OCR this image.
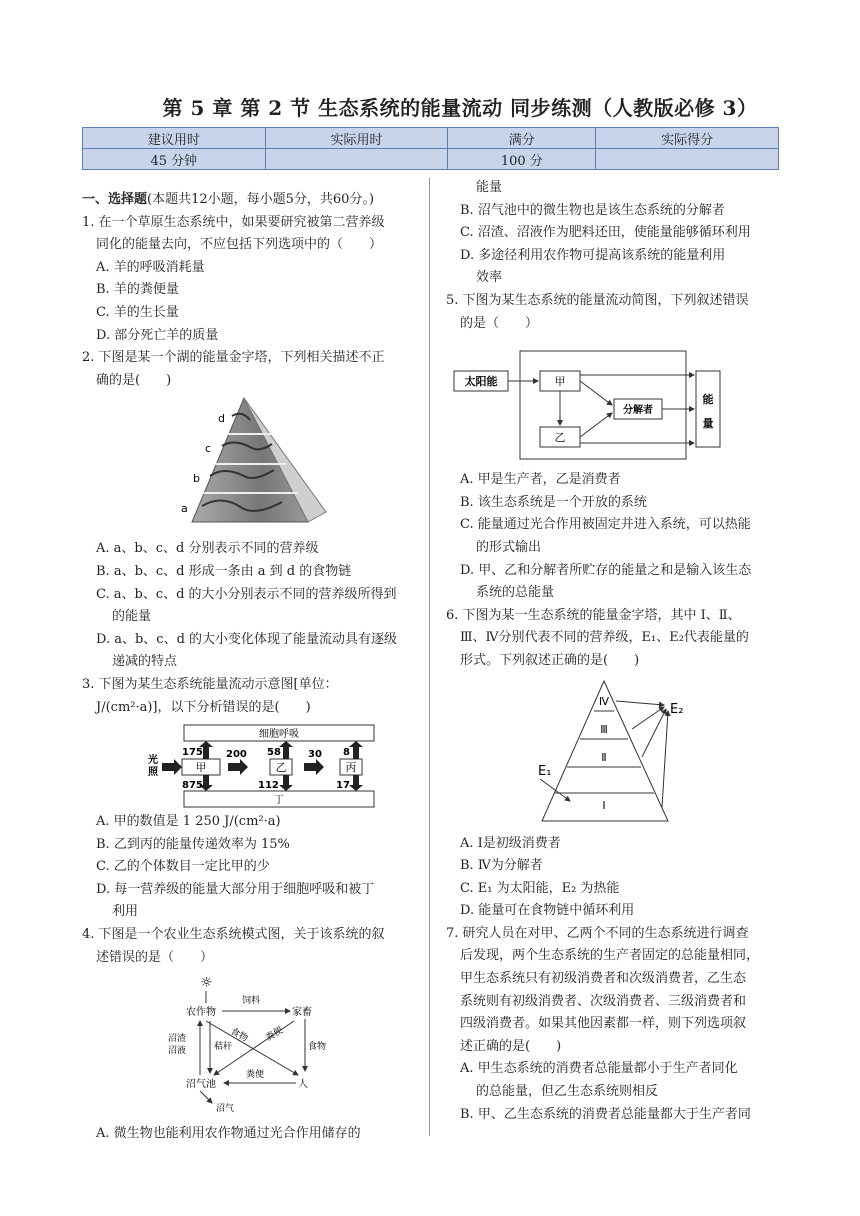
第 5 章 第 2 节 生态系统的能量流动 同步练测（人教版必修 3）
建议用时	实际用时	满分	实际得分
45 分钟		100 分	
一、选择题(本题共12小题，每小题5分，共60分。)
1. 在一个草原生态系统中，如果要研究被第二营养级
同化的能量去向，不应包括下列选项中的（　　）
A. 羊的呼吸消耗量
B. 羊的粪便量
C. 羊的生长量
D. 部分死亡羊的质量
2. 下图是某一个湖的能量金字塔，下列相关描述不正
确的是(　　)
d
c
b
a
A. a、b、c、d 分别表示不同的营养级
B. a、b、c、d 形成一条由 a 到 d 的食物链
C. a、b、c、d 的大小分别表示不同的营养级所得到
的能量
D. a、b、c、d 的大小变化体现了能量流动具有逐级
递减的特点
3. 下图为某生态系统能量流动示意图[单位：
J/(cm²·a)]，以下分析错误的是(　　)
细胞呼吸
丁
光
照	甲	乙	丙
175 200 58	30 8
875	112	17
A. 甲的数值是 1 250 J/(cm²·a)
B. 乙到丙的能量传递效率为 15%
C. 乙的个体数目一定比甲的少
D. 每一营养级的能量大部分用于细胞呼吸和被丁
利用
4. 下图是一个农业生态系统模式图，关于该系统的叙
述错误的是（　　）
☼
农作物	家畜
饲料
食物
食物 粪便
沼渣
沼液	秸秆
粪便
沼气池	人
沼气
A. 微生物也能利用农作物通过光合作用储存的
能量
B. 沼气池中的微生物也是该生态系统的分解者
C. 沼渣、沼液作为肥料还田，使能量能够循环利用
D. 多途径利用农作物可提高该系统的能量利用
效率
5. 下图为某生态系统的能量流动简图，下列叙述错误
的是（　　）
太阳能	甲
乙
分解者
能
量
A. 甲是生产者，乙是消费者
B. 该生态系统是一个开放的系统
C. 能量通过光合作用被固定并进入系统，可以热能
的形式输出
D. 甲、乙和分解者所贮存的能量之和是输入该生态
系统的总能量
6. 下图为某一生态系统的能量金字塔，其中 Ⅰ、Ⅱ、
Ⅲ、Ⅳ分别代表不同的营养级，E₁、E₂代表能量的
形式。下列叙述正确的是(　　)
Ⅳ
Ⅲ
Ⅱ
Ⅰ
E₁
E₂
A. Ⅰ是初级消费者
B. Ⅳ为分解者
C. E₁ 为太阳能，E₂ 为热能
D. 能量可在食物链中循环利用
7. 研究人员在对甲、乙两个不同的生态系统进行调查
后发现，两个生态系统的生产者固定的总能量相同，
甲生态系统只有初级消费者和次级消费者，乙生态
系统则有初级消费者、次级消费者、三级消费者和
四级消费者。如果其他因素都一样，则下列选项叙
述正确的是(　　)
A. 甲生态系统的消费者总能量都小于生产者同化
的总能量，但乙生态系统则相反
B. 甲、乙生态系统的消费者总能量都大于生产者同
